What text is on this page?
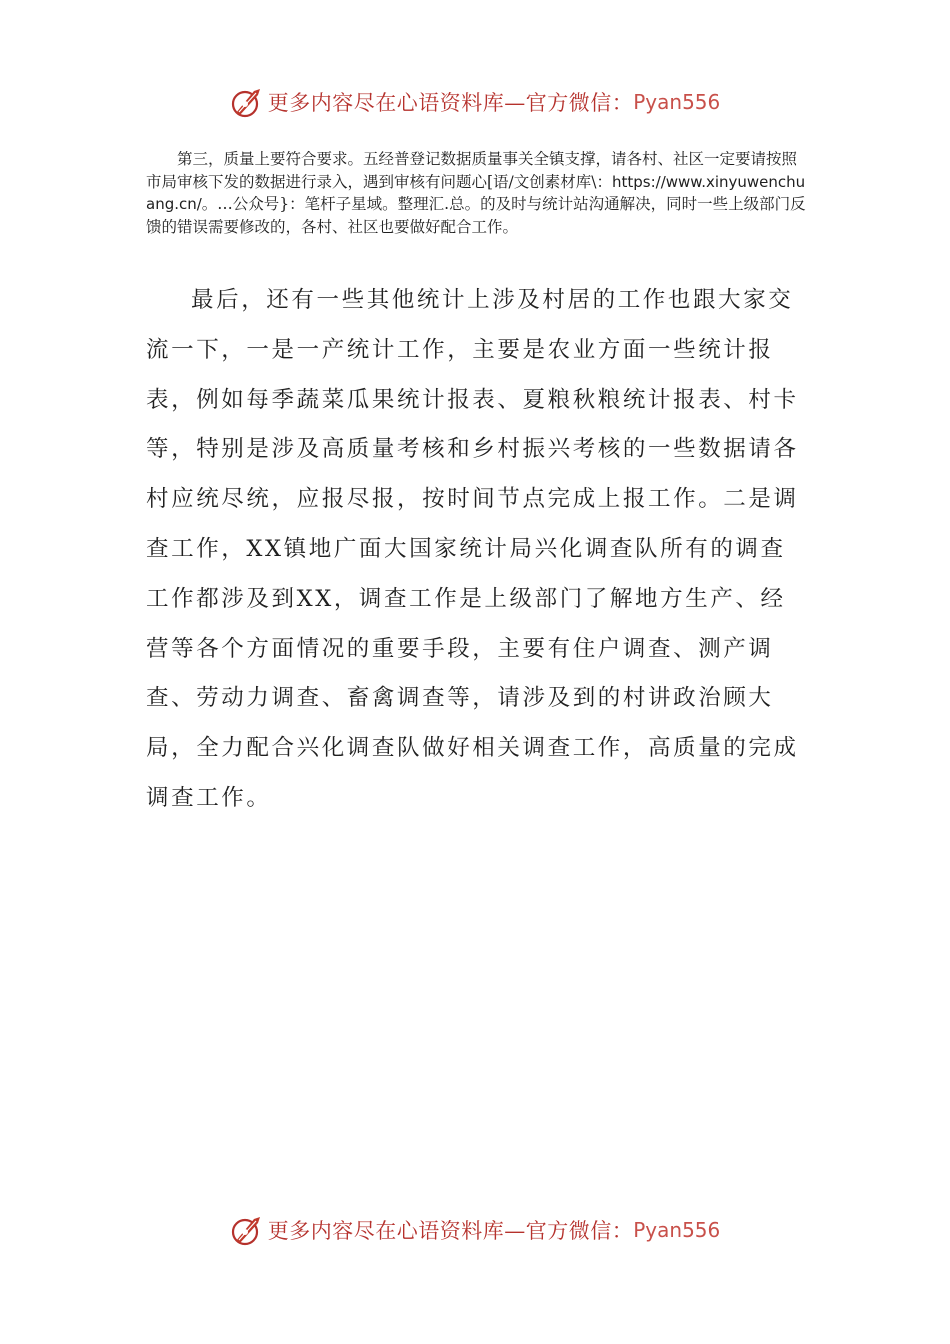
更多内容尽在心语资料库—官方微信： Pyan556

第三，质量上要符合要求。五经普登记数据质量事关全镇支撑，请各村、社区一定要请按照市局审核下发的数据进行录入，遇到审核有问题心[语/文创素材库\：https://www.xinyuwenchuang.cn/。…公众号}：笔杆子星域。整理汇.总。的及时与统计站沟通解决，同时一些上级部门反馈的错误需要修改的，各村、社区也要做好配合工作。

最后，还有一些其他统计上涉及村居的工作也跟大家交流一下，一是一产统计工作，主要是农业方面一些统计报表，例如每季蔬菜瓜果统计报表、夏粮秋粮统计报表、村卡等，特别是涉及高质量考核和乡村振兴考核的一些数据请各村应统尽统，应报尽报，按时间节点完成上报工作。二是调查工作，XX镇地广面大国家统计局兴化调查队所有的调查工作都涉及到XX，调查工作是上级部门了解地方生产、经营等各个方面情况的重要手段，主要有住户调查、测产调查、劳动力调查、畜禽调查等，请涉及到的村讲政治顾大局，全力配合兴化调查队做好相关调查工作，高质量的完成调查工作。

更多内容尽在心语资料库—官方微信： Pyan556
